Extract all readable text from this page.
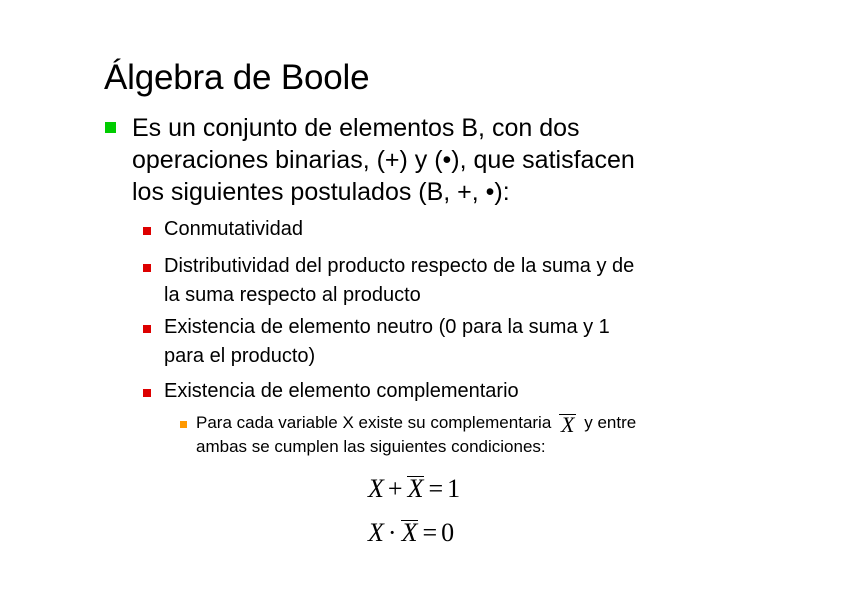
Álgebra de Boole
Es un conjunto de elementos B, con dos
operaciones binarias, (+) y (•), que satisfacen
los siguientes postulados (B, +, •):
Conmutatividad
Distributividad del producto respecto de la suma y de
la suma respecto al producto
Existencia de elemento neutro (0 para la suma y 1
para el producto)
Existencia de elemento complementario
Para cada variable X existe su complementaria X y entre
ambas se cumplen las siguientes condiciones:
X + X = 1
X · X = 0
